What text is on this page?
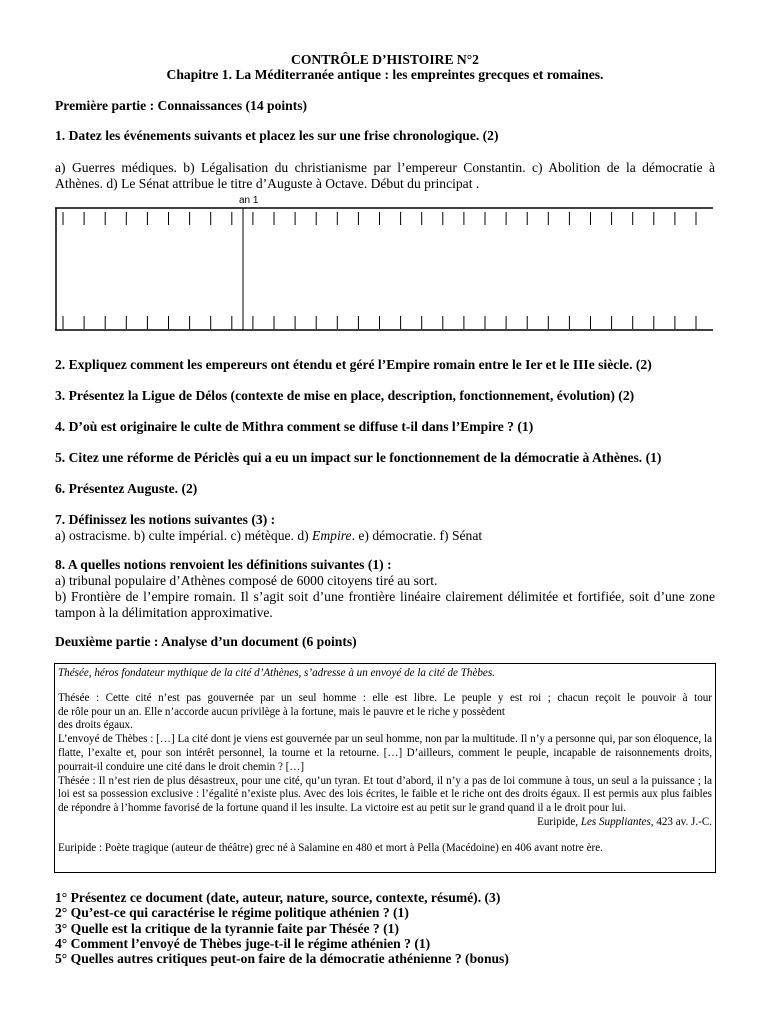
CONTRÔLE D’HISTOIRE N°2
Chapitre 1. La Méditerranée antique : les empreintes grecques et romaines.
Première partie : Connaissances (14 points)
1. Datez les événements suivants et placez les sur une frise chronologique. (2)
a) Guerres médiques. b) Légalisation du christianisme par l’empereur Constantin. c) Abolition de la démocratie à
Athènes. d) Le Sénat attribue le titre d’Auguste à Octave. Début du principat .
an 1
2. Expliquez comment les empereurs ont étendu et géré l’Empire romain entre le Ier et le IIIe siècle. (2)
3. Présentez la Ligue de Délos (contexte de mise en place, description, fonctionnement, évolution) (2)
4. D’où est originaire le culte de Mithra comment se diffuse t-il dans l’Empire ? (1)
5. Citez une réforme de Périclès qui a eu un impact sur le fonctionnement de la démocratie à Athènes. (1)
6. Présentez Auguste. (2)
7. Définissez les notions suivantes (3) :
a) ostracisme. b) culte impérial. c) métèque. d) Empire. e) démocratie. f) Sénat
8. A quelles notions renvoient les définitions suivantes (1) :
a) tribunal populaire d’Athènes composé de 6000 citoyens tiré au sort.
b) Frontière de l’empire romain. Il s’agit soit d’une frontière linéaire clairement délimitée et fortifiée, soit d’une zone tampon à la délimitation approximative.
Deuxième partie : Analyse d’un document (6 points)

Thésée, héros fondateur mythique de la cité d’Athènes, s’adresse à un envoyé de la cité de Thèbes.

Thésée : Cette cité n’est pas gouvernée par un seul homme : elle est libre. Le peuple y est roi ; chacun reçoit le pouvoir à tour

de rôle pour un an. Elle n’accorde aucun privilège à la fortune, mais le pauvre et le riche y possèdent

des droits égaux.

L’envoyé de Thèbes : […] La cité dont je viens est gouvernée par un seul homme, non par la multitude. Il n’y a personne qui, par son éloquence, la flatte, l’exalte et, pour son intérêt personnel, la tourne et la retourne. […] D’ailleurs, comment le peuple, incapable de raisonnements droits, pourrait-il conduire une cité dans le droit chemin ? […]

Thésée : Il n’est rien de plus désastreux, pour une cité, qu’un tyran. Et tout d’abord, il n’y a pas de loi commune à tous, un seul a la puissance ; la loi est sa possession exclusive : l’égalité n’existe plus. Avec des lois écrites, le faible et le riche ont des droits égaux. Il est permis aux plus faibles de répondre à l’homme favorisé de la fortune quand il les insulte. La victoire est au petit sur le grand quand il a le droit pour lui.

Euripide, Les Suppliantes, 423 av. J.-C.

Euripide : Poète tragique (auteur de théâtre) grec né à Salamine en 480 et mort à Pella (Macédoine) en 406 avant notre ère.

1° Présentez ce document (date, auteur, nature, source, contexte, résumé). (3)
2° Qu’est-ce qui caractérise le régime politique athénien ? (1)
3° Quelle est la critique de la tyrannie faite par Thésée ? (1)
4° Comment l’envoyé de Thèbes juge-t-il le régime athénien ? (1)
5° Quelles autres critiques peut-on faire de la démocratie athénienne ? (bonus)
